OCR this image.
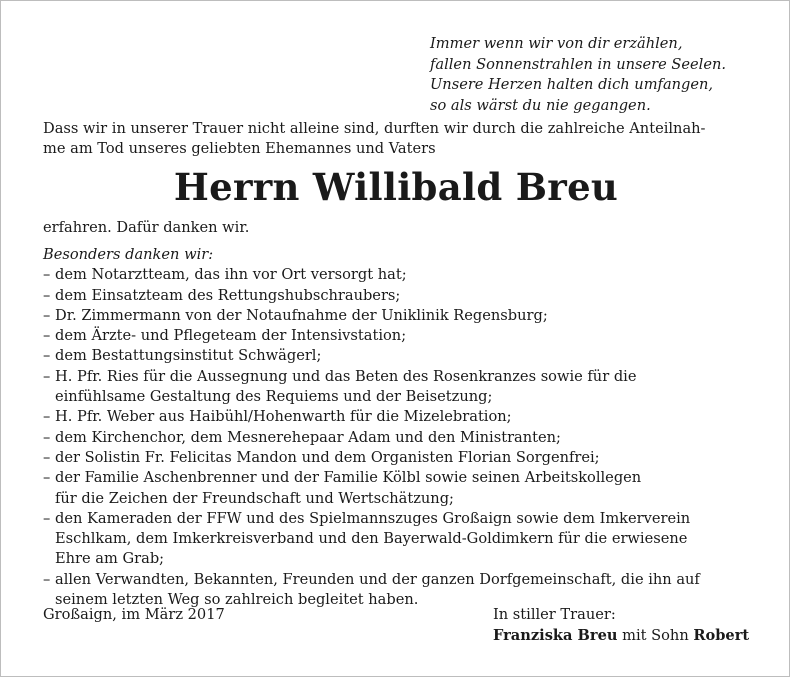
Immer wenn wir von dir erzählen,
fallen Sonnenstrahlen in unsere Seelen.
Unsere Herzen halten dich umfangen,
so als wärst du nie gegangen.
Dass wir in unserer Trauer nicht alleine sind, durften wir durch die zahlreiche Anteilnah-
me am Tod unseres geliebten Ehemannes und Vaters
Herrn Willibald Breu
erfahren. Dafür danken wir.
Besonders danken wir:
– dem Notarztteam, das ihn vor Ort versorgt hat;
– dem Einsatzteam des Rettungshubschraubers;
– Dr. Zimmermann von der Notaufnahme der Uniklinik Regensburg;
– dem Ärzte- und Pflegeteam der Intensivstation;
– dem Bestattungsinstitut Schwägerl;
– H. Pfr. Ries für die Aussegnung und das Beten des Rosenkranzes sowie für die
einfühlsame Gestaltung des Requiems und der Beisetzung;
– H. Pfr. Weber aus Haibühl/Hohenwarth für die Mizelebration;
– dem Kirchenchor, dem Mesnerehepaar Adam und den Ministranten;
– der Solistin Fr. Felicitas Mandon und dem Organisten Florian Sorgenfrei;
– der Familie Aschenbrenner und der Familie Kölbl sowie seinen Arbeitskollegen
für die Zeichen der Freundschaft und Wertschätzung;
– den Kameraden der FFW und des Spielmannszuges Großaign sowie dem Imkerverein
Eschlkam, dem Imkerkreisverband und den Bayerwald-Goldimkern für die erwiesene
Ehre am Grab;
– allen Verwandten, Bekannten, Freunden und der ganzen Dorfgemeinschaft, die ihn auf
seinem letzten Weg so zahlreich begleitet haben.
Großaign, im März 2017	In stiller Trauer:
Franziska Breu mit Sohn Robert
